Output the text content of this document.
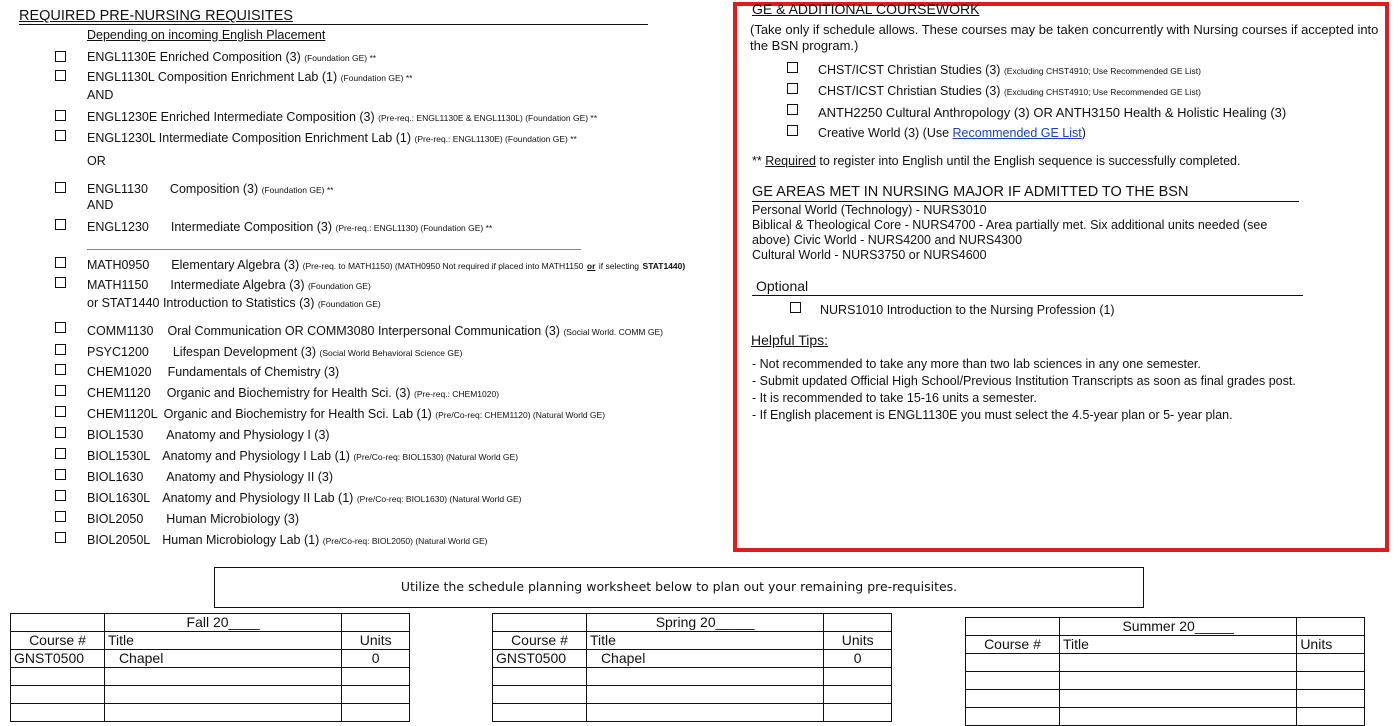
REQUIRED PRE-NURSING REQUISITES
Depending on incoming English Placement
ENGL1130E Enriched Composition (3) (Foundation GE) **
ENGL1130L Composition Enrichment Lab (1) (Foundation GE) **
AND
ENGL1230E Enriched Intermediate Composition (3) (Pre-req.: ENGL1130E & ENGL1130L) (Foundation GE) **
ENGL1230L Intermediate Composition Enrichment Lab (1) (Pre-req.: ENGL1130E) (Foundation GE) **
OR
ENGL1130 Composition (3) (Foundation GE) **
AND
ENGL1230 Intermediate Composition (3) (Pre-req.: ENGL1130) (Foundation GE) **
MATH0950 Elementary Algebra (3) (Pre-req. to MATH1150) (MATH0950 Not required if placed into MATH1150 or if selecting STAT1440)
MATH1150 Intermediate Algebra (3) (Foundation GE)
or STAT1440 Introduction to Statistics (3) (Foundation GE)
COMM1130 Oral Communication OR COMM3080 Interpersonal Communication (3) (Social World. COMM GE)
PSYC1200 Lifespan Development (3) (Social World Behavioral Science GE)
CHEM1020 Fundamentals of Chemistry (3)
CHEM1120 Organic and Biochemistry for Health Sci. (3) (Pre-req.: CHEM1020)
CHEM1120L Organic and Biochemistry for Health Sci. Lab (1) (Pre/Co-req: CHEM1120) (Natural World GE)
BIOL1530 Anatomy and Physiology I (3)
BIOL1530L Anatomy and Physiology I Lab (1) (Pre/Co-req: BIOL1530) (Natural World GE)
BIOL1630 Anatomy and Physiology II (3)
BIOL1630L Anatomy and Physiology II Lab (1) (Pre/Co-req: BIOL1630) (Natural World GE)
BIOL2050 Human Microbiology (3)
BIOL2050L Human Microbiology Lab (1) (Pre/Co-req: BIOL2050) (Natural World GE)
GE & ADDITIONAL COURSEWORK
(Take only if schedule allows. These courses may be taken concurrently with Nursing courses if accepted into
the BSN program.)
CHST/ICST Christian Studies (3) (Excluding CHST4910; Use Recommended GE List)
CHST/ICST Christian Studies (3) (Excluding CHST4910; Use Recommended GE List)
ANTH2250 Cultural Anthropology (3) OR ANTH3150 Health & Holistic Healing (3)
Creative World (3) (Use Recommended GE List)
** Required to register into English until the English sequence is successfully completed.
GE AREAS MET IN NURSING MAJOR IF ADMITTED TO THE BSN
Personal World (Technology) - NURS3010
Biblical & Theological Core - NURS4700 - Area partially met. Six additional units needed (see
above) Civic World - NURS4200 and NURS4300
Cultural World - NURS3750 or NURS4600
Optional
NURS1010 Introduction to the Nursing Profession (1)
Helpful Tips:
- Not recommended to take any more than two lab sciences in any one semester.
- Submit updated Official High School/Previous Institution Transcripts as soon as final grades post.
- It is recommended to take 15-16 units a semester.
- If English placement is ENGL1130E you must select the 4.5-year plan or 5- year plan.
Utilize the schedule planning worksheet below to plan out your remaining pre-requisites.
	Fall 20____	
Course #	Title	Units
GNST0500	Chapel	0

	Spring 20_____	
Course #	Title	Units
GNST0500	Chapel	0

	Summer 20_____	
Course #	Title	Units
